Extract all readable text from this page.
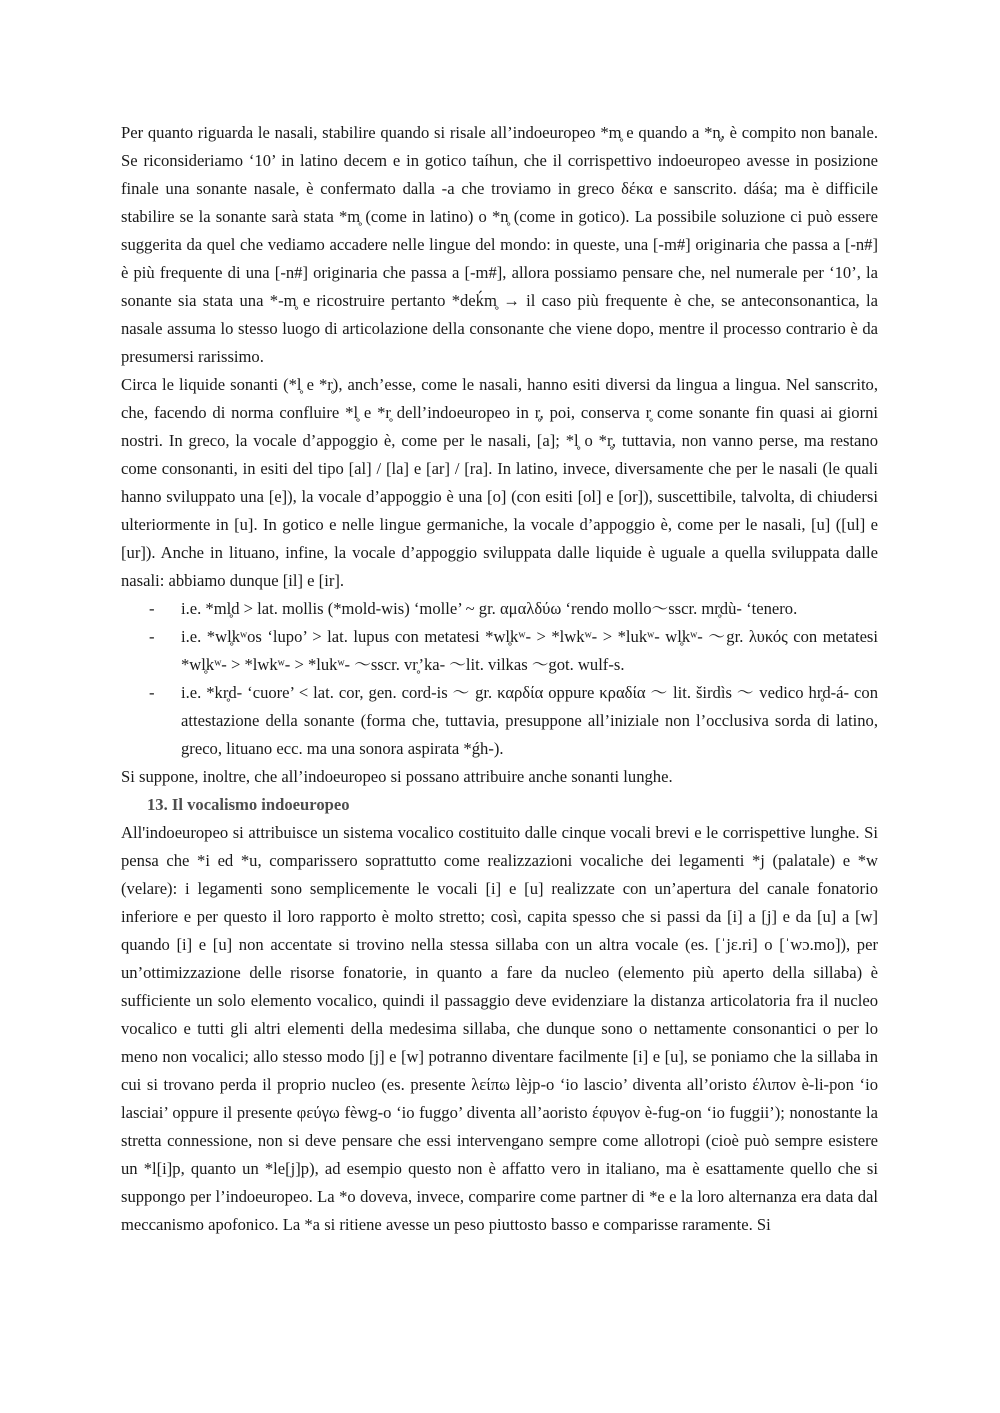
Per quanto riguarda le nasali, stabilire quando si risale all’indoeuropeo *m̥ e quando a *n̥, è compito non banale. Se riconsideriamo ‘10’ in latino decem e in gotico taíhun, che il corrispettivo indoeuropeo avesse in posizione finale una sonante nasale, è confermato dalla -a che troviamo in greco δέκα e sanscrito. dáśa; ma è difficile stabilire se la sonante sarà stata *m̥ (come in latino) o *n̥ (come in gotico). La possibile soluzione ci può essere suggerita da quel che vediamo accadere nelle lingue del mondo: in queste, una [-m#] originaria che passa a [-n#] è più frequente di una [-n#] originaria che passa a [-m#], allora possiamo pensare che, nel numerale per ‘10’, la sonante sia stata una *-m̥ e ricostruire pertanto *deḱm̥ → il caso più frequente è che, se anteconsonantica, la nasale assuma lo stesso luogo di articolazione della consonante che viene dopo, mentre il processo contrario è da presumersi rarissimo.

Circa le liquide sonanti (*l̥ e *r̥), anch’esse, come le nasali, hanno esiti diversi da lingua a lingua. Nel sanscrito, che, facendo di norma confluire *l̥ e *r̥ dell’indoeuropeo in r̥, poi, conserva r̥ come sonante fin quasi ai giorni nostri. In greco, la vocale d’appoggio è, come per le nasali, [a]; *l̥ o *r̥, tuttavia, non vanno perse, ma restano come consonanti, in esiti del tipo [al] / [la] e [ar] / [ra]. In latino, invece, diversamente che per le nasali (le quali hanno sviluppato una [e]), la vocale d’appoggio è una [o] (con esiti [ol] e [or]), suscettibile, talvolta, di chiudersi ulteriormente in [u]. In gotico e nelle lingue germaniche, la vocale d’appoggio è, come per le nasali, [u] ([ul] e [ur]). Anche in lituano, infine, la vocale d’appoggio sviluppata dalle liquide è uguale a quella sviluppata dalle nasali: abbiamo dunque [il] e [ir].

- i.e. *ml̥d > lat. mollis (*mold-wis) ‘molle’ ~ gr. αμαλδύω ‘rendo mollo～sscr. mr̥dù- ‘tenero.
- i.e. *wl̥kʷos ‘lupo’ > lat. lupus con metatesi *wl̥kʷ- > *lwkʷ- > *lukʷ- wl̥kʷ- ～gr. λυκός con metatesi *wl̥kʷ- > *lwkʷ- > *lukʷ- ～sscr. vr̥’ka- ～lit. vilkas ～got. wulf-s.
- i.e. *kr̥d- ‘cuore’ < lat. cor, gen. cord-is ～ gr. καρδία oppure κραδία ～ lit. širdìs ～ vedico hr̥d-á- con attestazione della sonante (forma che, tuttavia, presuppone all’iniziale non l’occlusiva sorda di latino, greco, lituano ecc. ma una sonora aspirata *ǵh-).

Si suppone, inoltre, che all’indoeuropeo si possano attribuire anche sonanti lunghe.

13. Il vocalismo indoeuropeo

All'indoeuropeo si attribuisce un sistema vocalico costituito dalle cinque vocali brevi e le corrispettive lunghe. Si pensa che *i ed *u, comparissero soprattutto come realizzazioni vocaliche dei legamenti *j (palatale) e *w (velare): i legamenti sono semplicemente le vocali [i] e [u] realizzate con un’apertura del canale fonatorio inferiore e per questo il loro rapporto è molto stretto; così, capita spesso che si passi da [i] a [j] e da [u] a [w] quando [i] e [u] non accentate si trovino nella stessa sillaba con un altra vocale (es. [ˈjɛ.ri] o [ˈwɔ.mo]), per un’ottimizzazione delle risorse fonatorie, in quanto a fare da nucleo (elemento più aperto della sillaba) è sufficiente un solo elemento vocalico, quindi il passaggio deve evidenziare la distanza articolatoria fra il nucleo vocalico e tutti gli altri elementi della medesima sillaba, che dunque sono o nettamente consonantici o per lo meno non vocalici; allo stesso modo [j] e [w] potranno diventare facilmente [i] e [u], se poniamo che la sillaba in cui si trovano perda il proprio nucleo (es. presente λείπω lèjp-o ‘io lascio’ diventa all’oristo έλιπον è-li-pon ‘io lasciai’ oppure il presente φεύγω fèwg-o ‘io fuggo’ diventa all’aoristo έφυγον è-fug-on ‘io fuggii’); nonostante la stretta connessione, non si deve pensare che essi intervengano sempre come allotropi (cioè può sempre esistere un *l[i]p, quanto un *le[j]p), ad esempio questo non è affatto vero in italiano, ma è esattamente quello che si suppongo per l’indoeuropeo. La *o doveva, invece, comparire come partner di *e e la loro alternanza era data dal meccanismo apofonico. La *a si ritiene avesse un peso piuttosto basso e comparisse raramente. Si
